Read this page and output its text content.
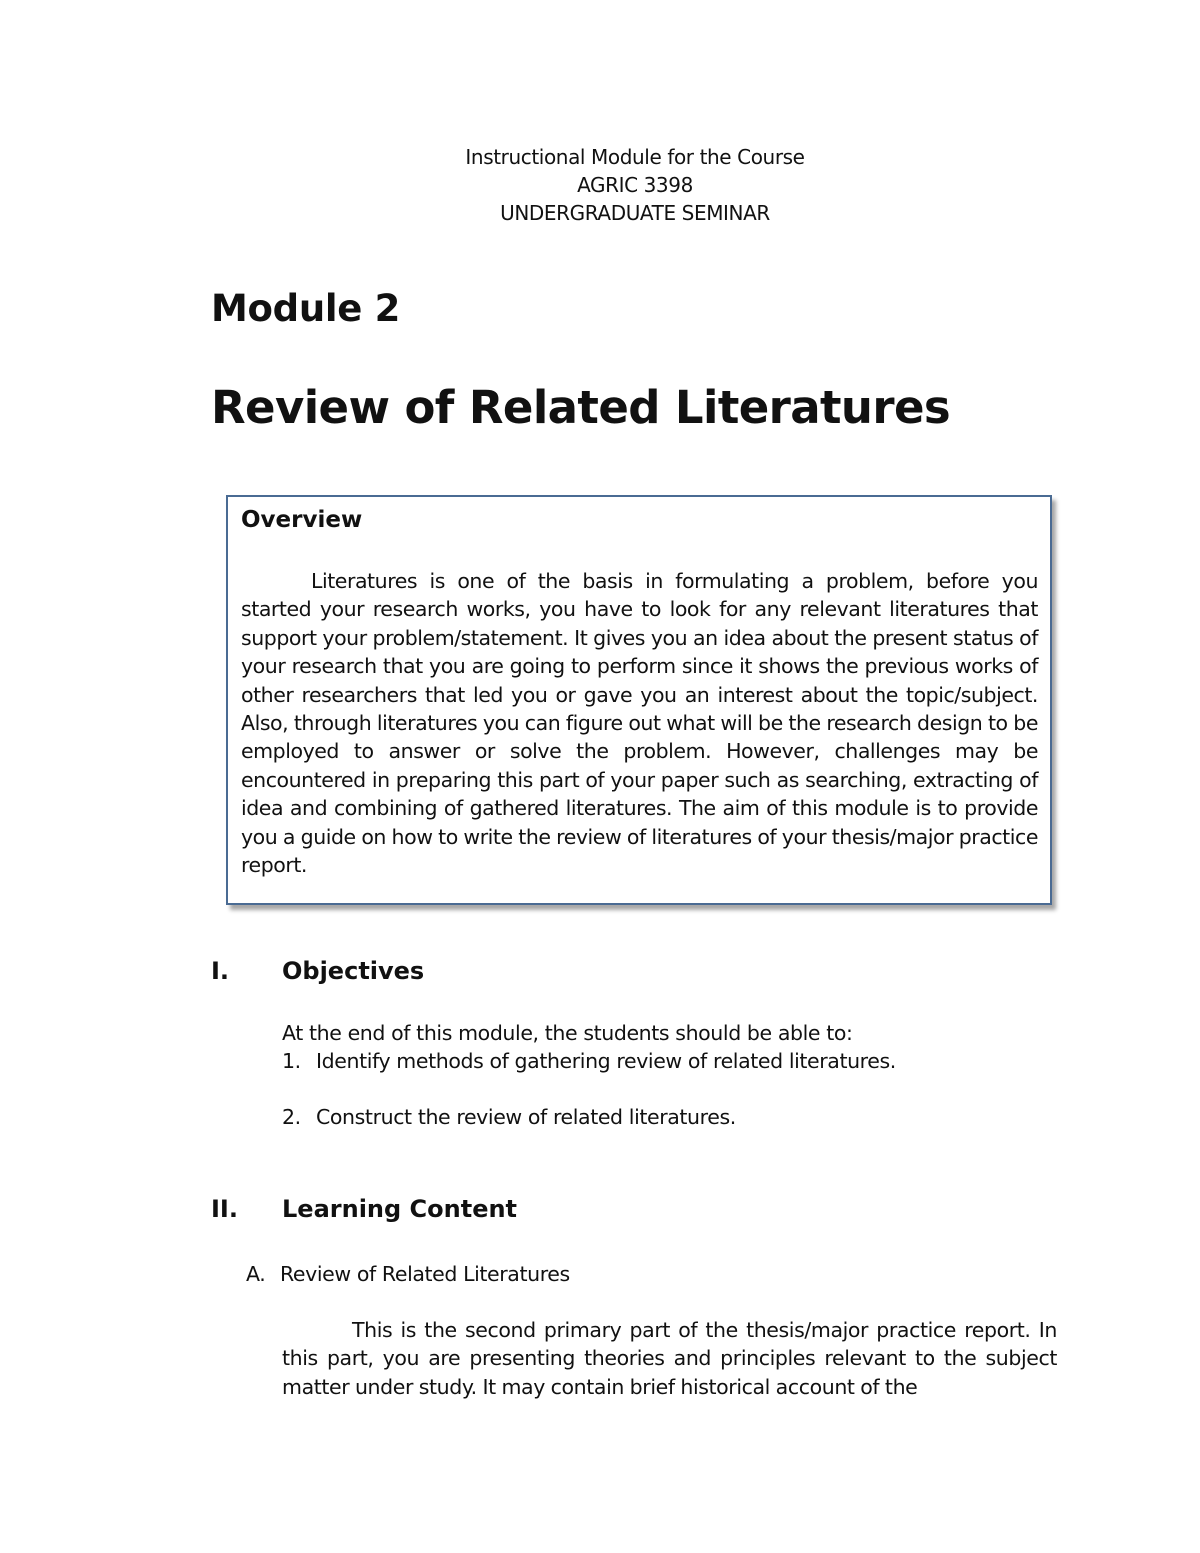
Instructional Module for the Course
AGRIC 3398
UNDERGRADUATE SEMINAR
Module 2
Review of Related Literatures
Overview

Literatures is one of the basis in formulating a problem, before you started your research works, you have to look for any relevant literatures that support your problem/statement. It gives you an idea about the present status of your research that you are going to perform since it shows the previous works of other researchers that led you or gave you an interest about the topic/subject. Also, through literatures you can figure out what will be the research design to be employed to answer or solve the problem. However, challenges may be encountered in preparing this part of your paper such as searching, extracting of idea and combining of gathered literatures. The aim of this module is to provide you a guide on how to write the review of literatures of your thesis/major practice report.

I. Objectives

At the end of this module, the students should be able to:

1. Identify methods of gathering review of related literatures.

2. Construct the review of related literatures.

II. Learning Content

A. Review of Related Literatures

This is the second primary part of the thesis/major practice report. In this part, you are presenting theories and principles relevant to the subject matter under study. It may contain brief historical account of the
